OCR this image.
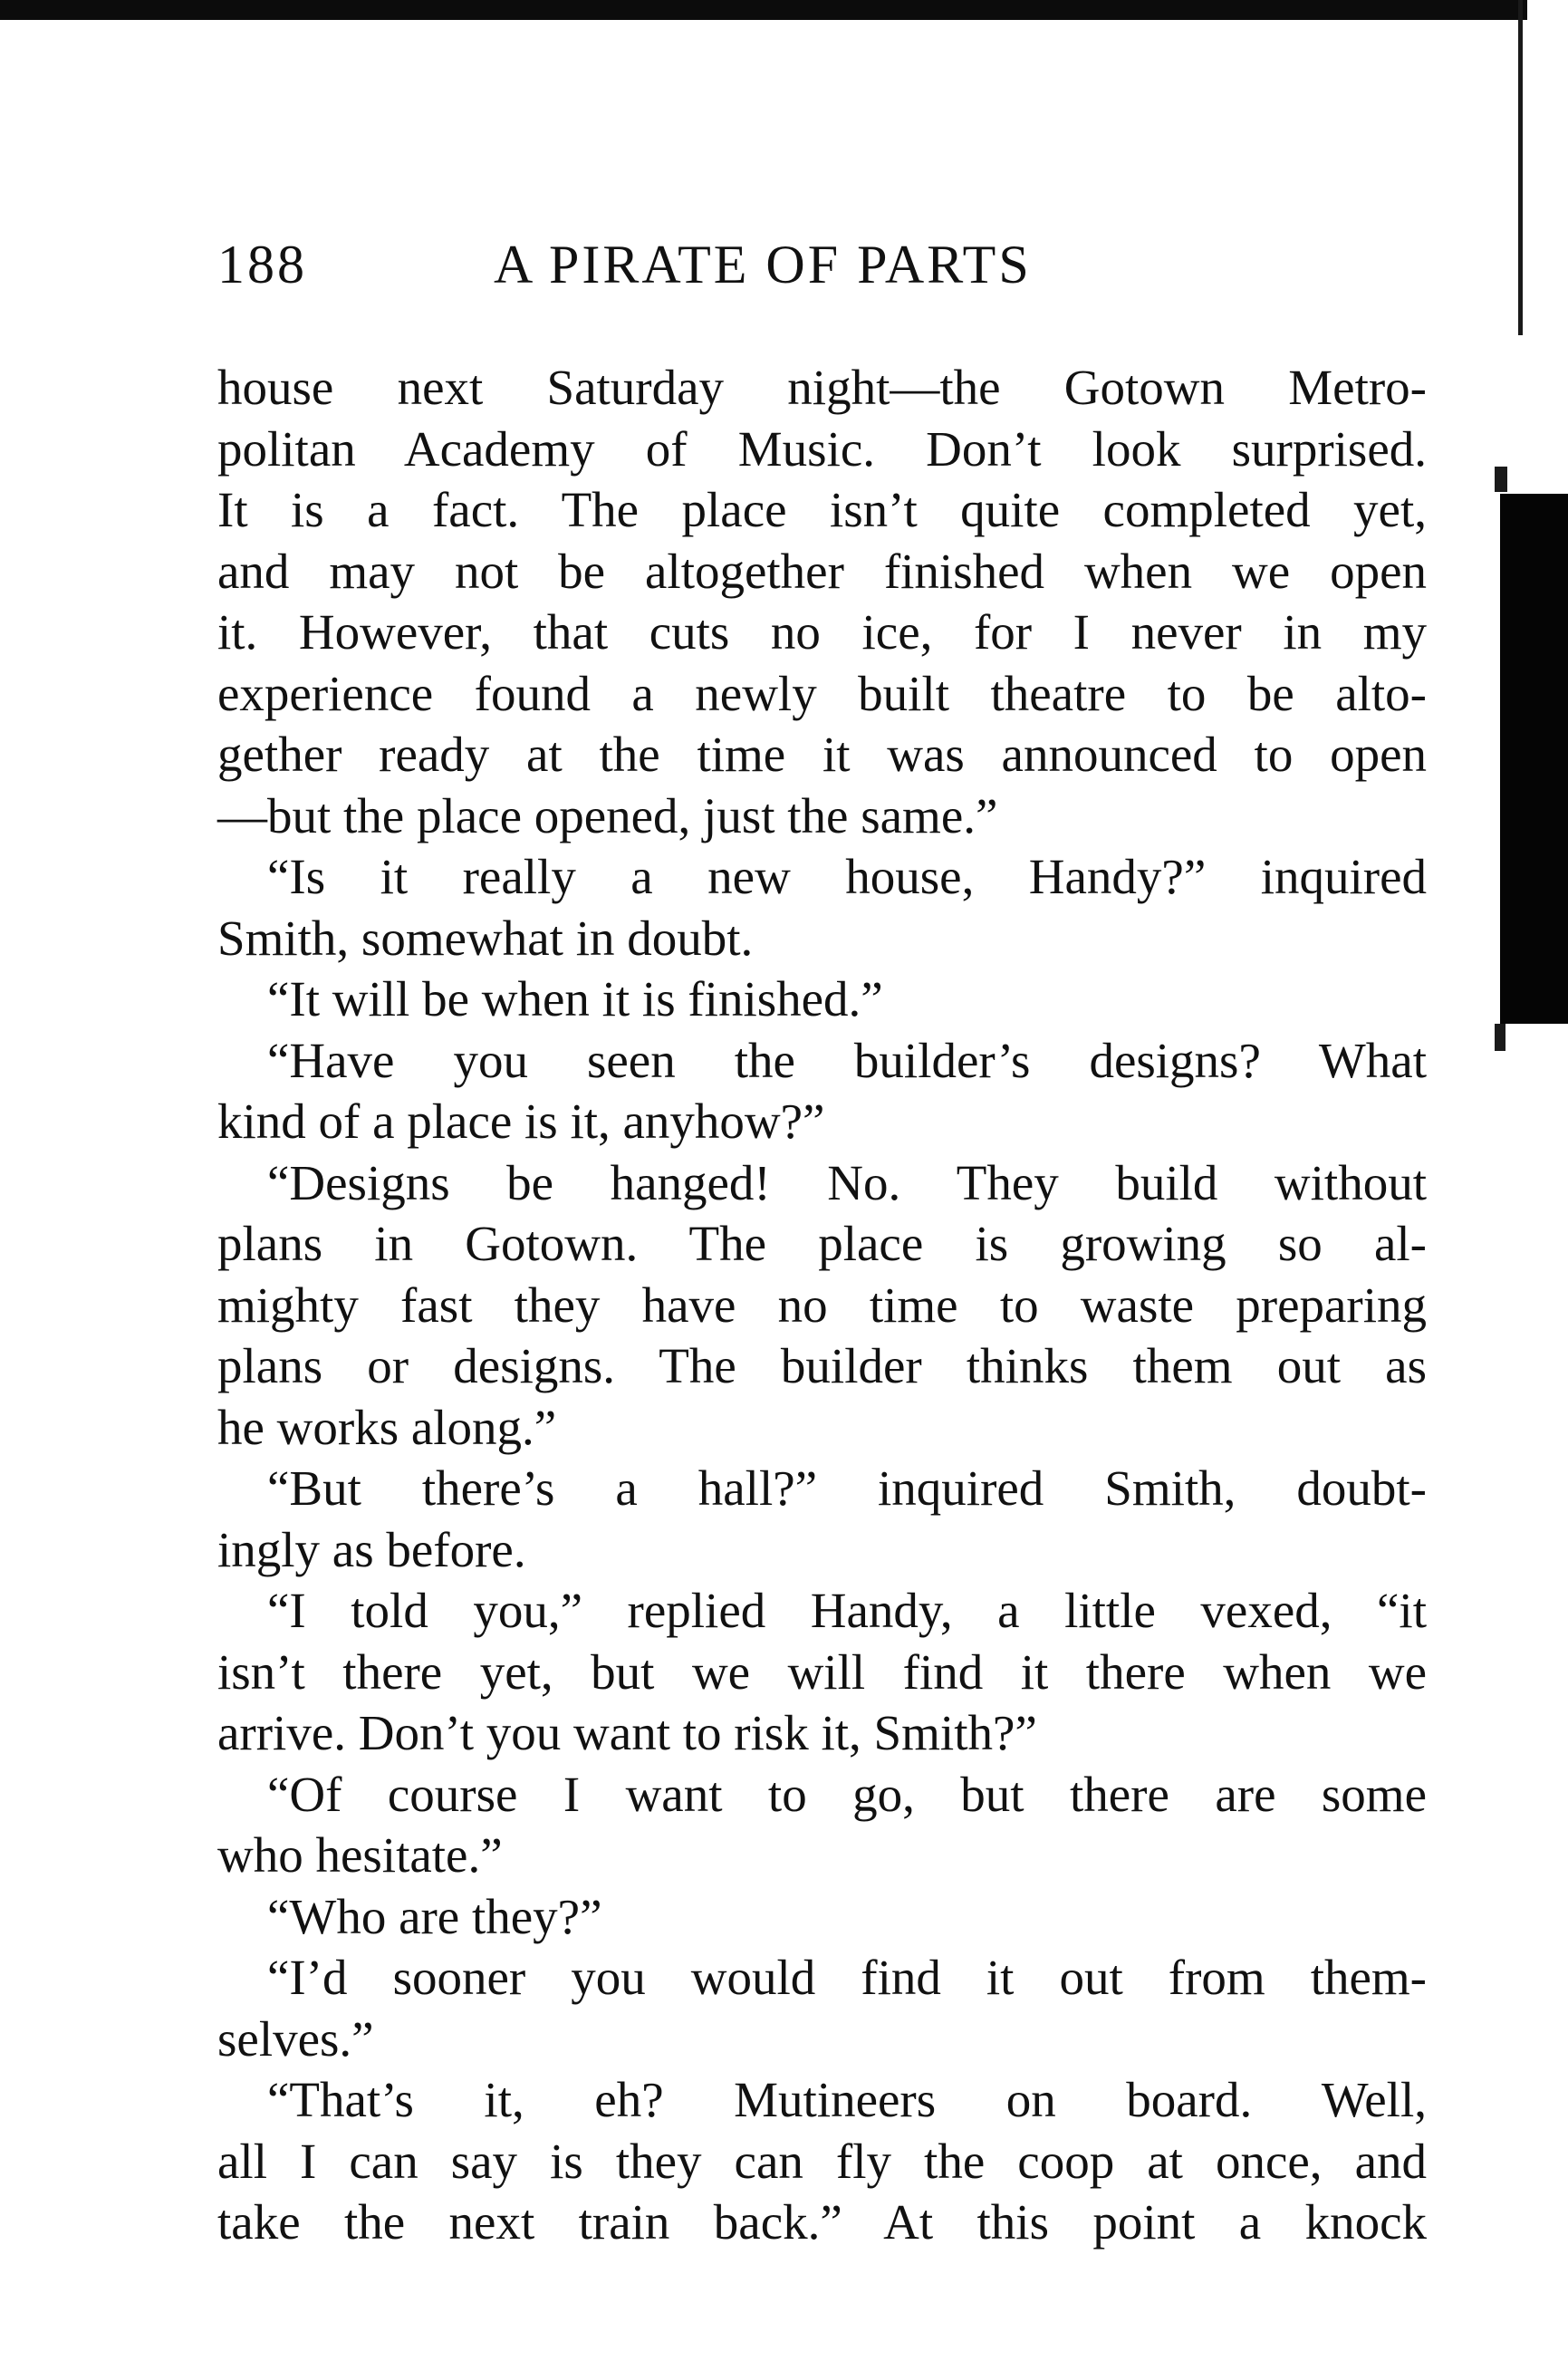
188	A PIRATE OF PARTS
house next Saturday night—the Gotown Metro-
politan Academy of Music. Don’t look surprised.
It is a fact. The place isn’t quite completed yet,
and may not be altogether finished when we open
it. However, that cuts no ice, for I never in my
experience found a newly built theatre to be alto-
gether ready at the time it was announced to open
—but the place opened, just the same.”
“Is it really a new house, Handy?” inquired
Smith, somewhat in doubt.
“It will be when it is finished.”
“Have you seen the builder’s designs? What
kind of a place is it, anyhow?”
“Designs be hanged! No. They build without
plans in Gotown. The place is growing so al-
mighty fast they have no time to waste preparing
plans or designs. The builder thinks them out as
he works along.”
“But there’s a hall?” inquired Smith, doubt-
ingly as before.
“I told you,” replied Handy, a little vexed, “it
isn’t there yet, but we will find it there when we
arrive. Don’t you want to risk it, Smith?”
“Of course I want to go, but there are some
who hesitate.”
“Who are they?”
“I’d sooner you would find it out from them-
selves.”
“That’s it, eh? Mutineers on board. Well,
all I can say is they can fly the coop at once, and
take the next train back.” At this point a knock
